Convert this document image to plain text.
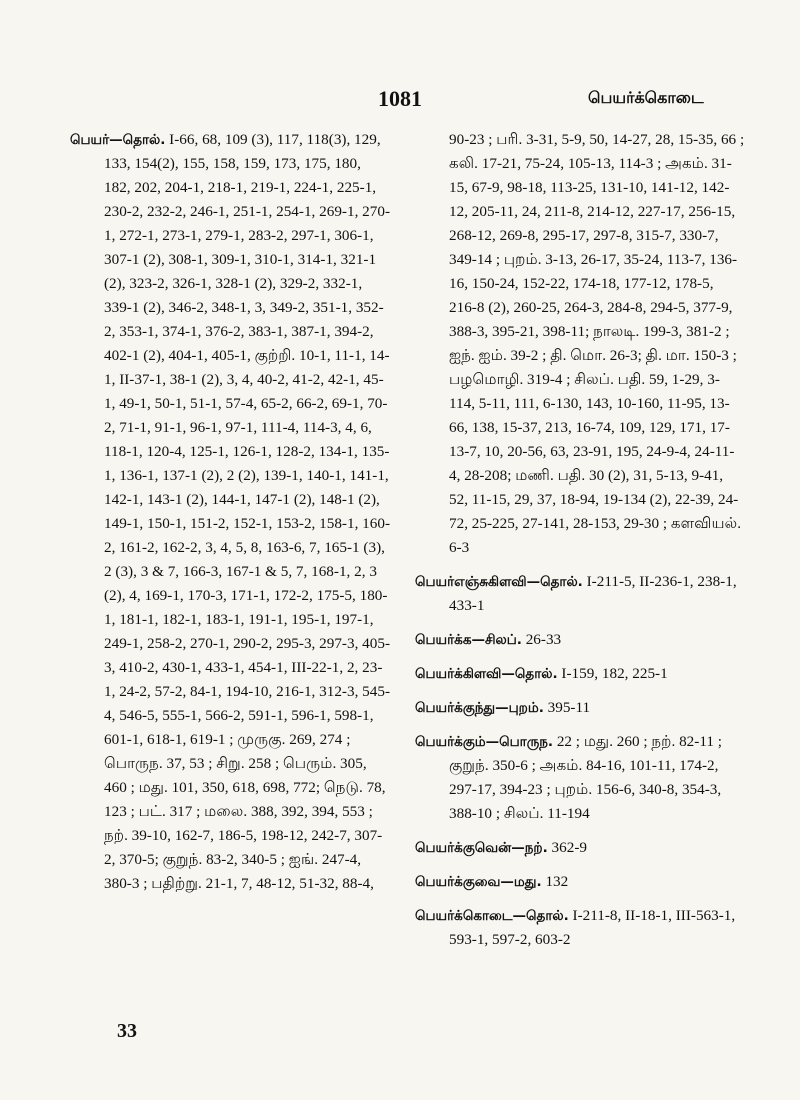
1081	பெயர்க்கொடை
பெயர்—தொல். I-66, 68, 109 (3), 117, 118(3), 129, 133, 154(2), 155, 158, 159, 173, 175, 180, 182, 202, 204-1, 218-1, 219-1, 224-1, 225-1, 230-2, 232-2, 246-1, 251-1, 254-1, 269-1, 270-1, 272-1, 273-1, 279-1, 283-2, 297-1, 306-1, 307-1 (2), 308-1, 309-1, 310-1, 314-1, 321-1 (2), 323-2, 326-1, 328-1 (2), 329-2, 332-1, 339-1 (2), 346-2, 348-1, 3, 349-2, 351-1, 352-2, 353-1, 374-1, 376-2, 383-1, 387-1, 394-2, 402-1 (2), 404-1, 405-1, குற்றி. 10-1, 11-1, 14-1, II-37-1, 38-1 (2), 3, 4, 40-2, 41-2, 42-1, 45-1, 49-1, 50-1, 51-1, 57-4, 65-2, 66-2, 69-1, 70-2, 71-1, 91-1, 96-1, 97-1, 111-4, 114-3, 4, 6, 118-1, 120-4, 125-1, 126-1, 128-2, 134-1, 135-1, 136-1, 137-1 (2), 2 (2), 139-1, 140-1, 141-1, 142-1, 143-1 (2), 144-1, 147-1 (2), 148-1 (2), 149-1, 150-1, 151-2, 152-1, 153-2, 158-1, 160-2, 161-2, 162-2, 3, 4, 5, 8, 163-6, 7, 165-1 (3), 2 (3), 3 & 7, 166-3, 167-1 & 5, 7, 168-1, 2, 3 (2), 4, 169-1, 170-3, 171-1, 172-2, 175-5, 180-1, 181-1, 182-1, 183-1, 191-1, 195-1, 197-1, 249-1, 258-2, 270-1, 290-2, 295-3, 297-3, 405-3, 410-2, 430-1, 433-1, 454-1, III-22-1, 2, 23-1, 24-2, 57-2, 84-1, 194-10, 216-1, 312-3, 545-4, 546-5, 555-1, 566-2, 591-1, 596-1, 598-1, 601-1, 618-1, 619-1 ; முருகு. 269, 274 ; பொருந. 37, 53 ; சிறு. 258 ; பெரும். 305, 460 ; மது. 101, 350, 618, 698, 772; நெடு. 78, 123 ; பட். 317 ; மலை. 388, 392, 394, 553 ; நற். 39-10, 162-7, 186-5, 198-12, 242-7, 307-2, 370-5; குறுந். 83-2, 340-5 ; ஐங். 247-4, 380-3 ; பதிற்று. 21-1, 7, 48-12, 51-32, 88-4,
90-23 ; பரி. 3-31, 5-9, 50, 14-27, 28, 15-35, 66 ; கலி. 17-21, 75-24, 105-13, 114-3 ; அகம். 31-15, 67-9, 98-18, 113-25, 131-10, 141-12, 142-12, 205-11, 24, 211-8, 214-12, 227-17, 256-15, 268-12, 269-8, 295-17, 297-8, 315-7, 330-7, 349-14 ; புறம். 3-13, 26-17, 35-24, 113-7, 136-16, 150-24, 152-22, 174-18, 177-12, 178-5, 216-8 (2), 260-25, 264-3, 284-8, 294-5, 377-9, 388-3, 395-21, 398-11; நாலடி. 199-3, 381-2 ; ஐந். ஐம். 39-2 ; தி. மொ. 26-3; தி. மா. 150-3 ; பழமொழி. 319-4 ; சிலப். பதி. 59, 1-29, 3-114, 5-11, 111, 6-130, 143, 10-160, 11-95, 13-66, 138, 15-37, 213, 16-74, 109, 129, 171, 17-13-7, 10, 20-56, 63, 23-91, 195, 24-9-4, 24-11-4, 28-208; மணி. பதி. 30 (2), 31, 5-13, 9-41, 52, 11-15, 29, 37, 18-94, 19-134 (2), 22-39, 24-72, 25-225, 27-141, 28-153, 29-30 ; களவியல். 6-3
பெயர்எஞ்சுகிளவி—தொல். I-211-5, II-236-1, 238-1, 433-1
பெயர்க்க—சிலப். 26-33
பெயர்க்கிளவி—தொல். I-159, 182, 225-1
பெயர்க்குந்து—புறம். 395-11
பெயர்க்கும்—பொருந. 22 ; மது. 260 ; நற். 82-11 ; குறுந். 350-6 ; அகம். 84-16, 101-11, 174-2, 297-17, 394-23 ; புறம். 156-6, 340-8, 354-3, 388-10 ; சிலப். 11-194
பெயர்க்குவென்—நற். 362-9
பெயர்க்குவை—மது. 132
பெயர்க்கொடை—தொல். I-211-8, II-18-1, III-563-1, 593-1, 597-2, 603-2
33
